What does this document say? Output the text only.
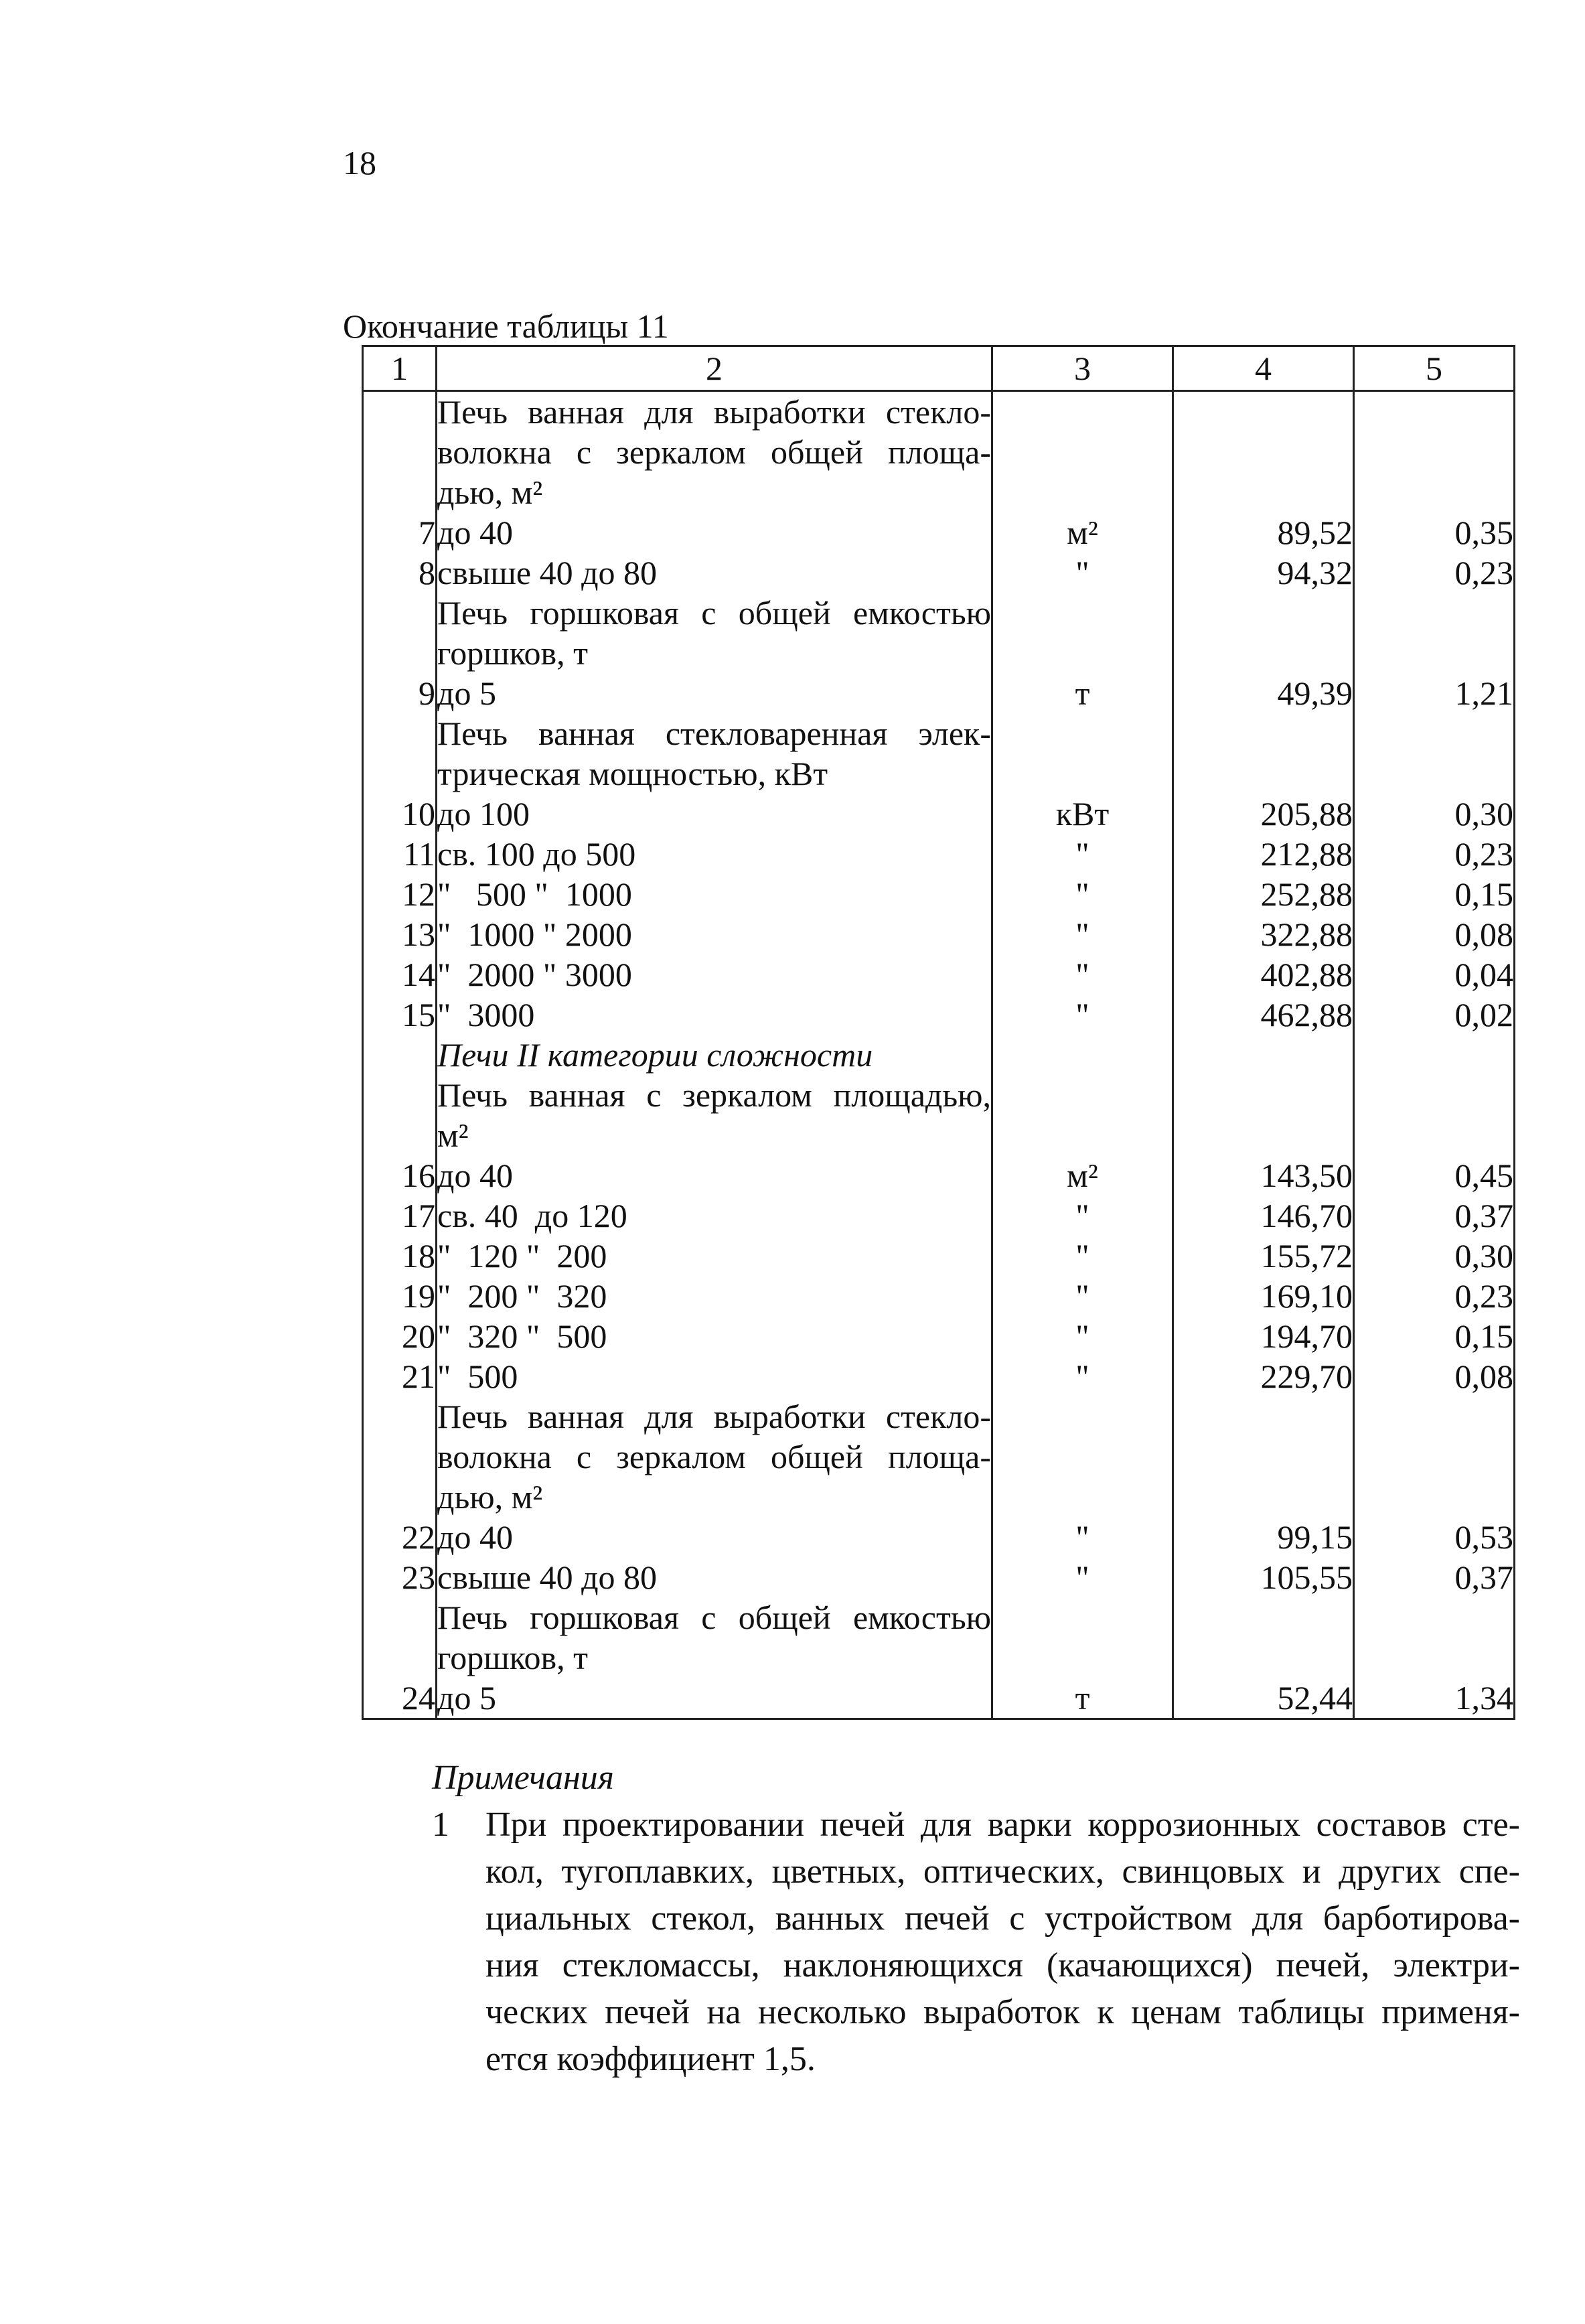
18
Окончание таблицы 11
1	2	3	4	5

	Печь ванная для выработки стекло-
волокна с зеркалом общей площа-
дью, м²			

7	до 40	м²	89,52	0,35
8	свыше 40 до 80	"	94,32	0,23

	Печь горшковая с общей емкостью
горшков, т			

9	до 5	т	49,39	1,21

	Печь ванная стекловаренная элек-
трическая мощностью, кВт			

10	до 100	кВт	205,88	0,30
11	св. 100 до 500	"	212,88	0,23
12	"   500 "  1000	"	252,88	0,15
13	"  1000 " 2000	"	322,88	0,08
14	"  2000 " 3000	"	402,88	0,04
15	"  3000	"	462,88	0,02

	Печи II категории сложности			

	Печь ванная с зеркалом площадью,
м²			

16	до 40	м²	143,50	0,45
17	св. 40  до 120	"	146,70	0,37
18	"  120 "  200	"	155,72	0,30
19	"  200 "  320	"	169,10	0,23
20	"  320 "  500	"	194,70	0,15
21	"  500	"	229,70	0,08

	Печь ванная для выработки стекло-
волокна с зеркалом общей площа-
дью, м²			

22	до 40	"	99,15	0,53
23	свыше 40 до 80	"	105,55	0,37

	Печь горшковая с общей емкостью
горшков, т			

24	до 5	т	52,44	1,34
Примечания
1 При проектировании печей для варки коррозионных составов сте-
кол, тугоплавких, цветных, оптических, свинцовых и других спе-
циальных стекол, ванных печей с устройством для барботирова-
ния стекломассы, наклоняющихся (качающихся) печей, электри-
ческих печей на несколько выработок к ценам таблицы применя-
ется коэффициент 1,5.
